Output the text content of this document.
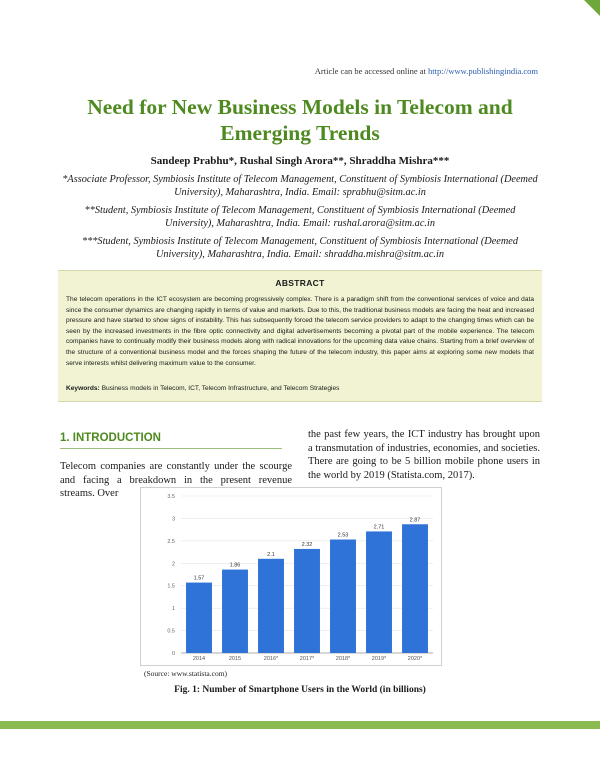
Article can be accessed online at http://www.publishingindia.com
Need for New Business Models in Telecom and Emerging Trends
Sandeep Prabhu*, Rushal Singh Arora**, Shraddha Mishra***
*Associate Professor, Symbiosis Institute of Telecom Management, Constituent of Symbiosis International (Deemed University), Maharashtra, India. Email: sprabhu@sitm.ac.in
**Student, Symbiosis Institute of Telecom Management, Constituent of Symbiosis International (Deemed University), Maharashtra, India. Email: rushal.arora@sitm.ac.in
***Student, Symbiosis Institute of Telecom Management, Constituent of Symbiosis International (Deemed University), Maharashtra, India. Email: shraddha.mishra@sitm.ac.in
ABSTRACT
The telecom operations in the ICT ecosystem are becoming progressively complex. There is a paradigm shift from the conventional services of voice and data since the consumer dynamics are changing rapidly in terms of value and markets. Due to this, the traditional business models are facing the heat and increased pressure and have started to show signs of instability. This has subsequently forced the telecom service providers to adapt to the changing times which can be seen by the increased investments in the fibre optic connectivity and digital advertisements becoming a pivotal part of the mobile experience. The telecom companies have to continually modify their business models along with radical innovations for the upcoming data value chains. Starting from a brief overview of the structure of a conventional business model and the forces shaping the future of the telecom industry, this paper aims at exploring some new models that serve interests whilst delivering maximum value to the consumer.
Keywords: Business models in Telecom, ICT, Telecom Infrastructure, and Telecom Strategies
1. INTRODUCTION
Telecom companies are constantly under the scourge and facing a breakdown in the present revenue streams. Over
the past few years, the ICT industry has brought upon a transmutation of industries, economies, and societies. There are going to be 5 billion mobile phone users in the world by 2019 (Statista.com, 2017).
0
0.5
1
1.5
2
2.5
3
3.5
1.57
2014
1.86
2015
2.1
2016*
2.32
2017*
2.53
2018*
2.71
2019*
2.87
2020*
(Source: www.statista.com)
Fig. 1: Number of Smartphone Users in the World (in billions)
